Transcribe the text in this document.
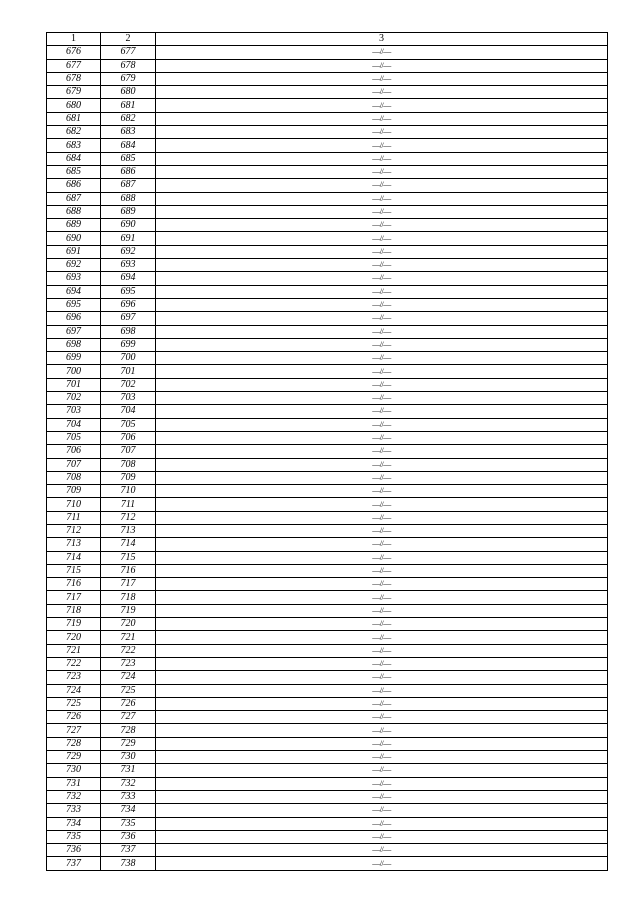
1	2	3
676	677	—//—
677	678	—//—
678	679	—//—
679	680	—//—
680	681	—//—
681	682	—//—
682	683	—//—
683	684	—//—
684	685	—//—
685	686	—//—
686	687	—//—
687	688	—//—
688	689	—//—
689	690	—//—
690	691	—//—
691	692	—//—
692	693	—//—
693	694	—//—
694	695	—//—
695	696	—//—
696	697	—//—
697	698	—//—
698	699	—//—
699	700	—//—
700	701	—//—
701	702	—//—
702	703	—//—
703	704	—//—
704	705	—//—
705	706	—//—
706	707	—//—
707	708	—//—
708	709	—//—
709	710	—//—
710	711	—//—
711	712	—//—
712	713	—//—
713	714	—//—
714	715	—//—
715	716	—//—
716	717	—//—
717	718	—//—
718	719	—//—
719	720	—//—
720	721	—//—
721	722	—//—
722	723	—//—
723	724	—//—
724	725	—//—
725	726	—//—
726	727	—//—
727	728	—//—
728	729	—//—
729	730	—//—
730	731	—//—
731	732	—//—
732	733	—//—
733	734	—//—
734	735	—//—
735	736	—//—
736	737	—//—
737	738	—//—
